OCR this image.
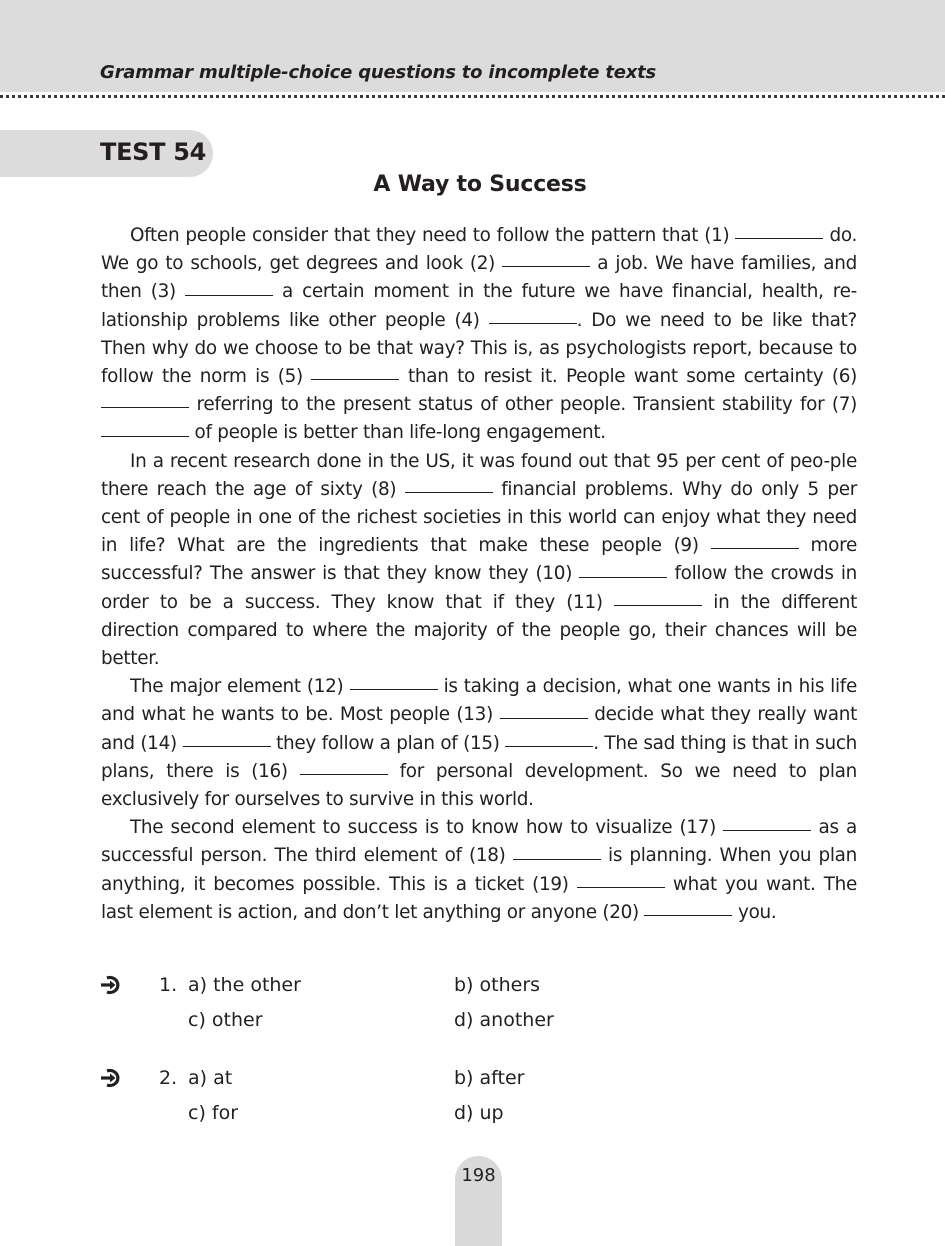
Grammar multiple-choice questions to incomplete texts
TEST 54
A Way to Success

Often people consider that they need to follow the pattern that (1)	do. We go to schools, get degrees and look (2)	a job. We have families, and then (3)	a certain moment in the future we have financial, health, re-lationship problems like other people (4)	. Do we need to be like that? Then why do we choose to be that way? This is, as psychologists report, because to follow the norm is (5)	than to resist it. People want some certainty (6)  referring to the present status of other people. Transient stability for (7)  of people is better than life-long engagement.

In a recent research done in the US, it was found out that 95 per cent of peo-ple there reach the age of sixty (8)	financial problems. Why do only 5 per cent of people in one of the richest societies in this world can enjoy what they need in life? What are the ingredients that make these people (9)	more successful? The answer is that they know they (10)	follow the crowds in order to be a success. They know that if they (11)	in the different direction compared to where the majority of the people go, their chances will be better.

The major element (12)	is taking a decision, what one wants in his life and what he wants to be. Most people (13)	decide what they really want and (14)	they follow a plan of (15)	. The sad thing is that in such plans, there is (16)	for personal development. So we need to plan exclusively for ourselves to survive in this world.

The second element to success is to know how to visualize (17)	as a successful person. The third element of (18)	is planning. When you plan anything, it becomes possible. This is a ticket (19)	what you want. The last element is action, and don’t let anything or anyone (20)	you.

1. a) the other	b) others
c) other	d) another
2. a) at	b) after
c) for	d) up
198
